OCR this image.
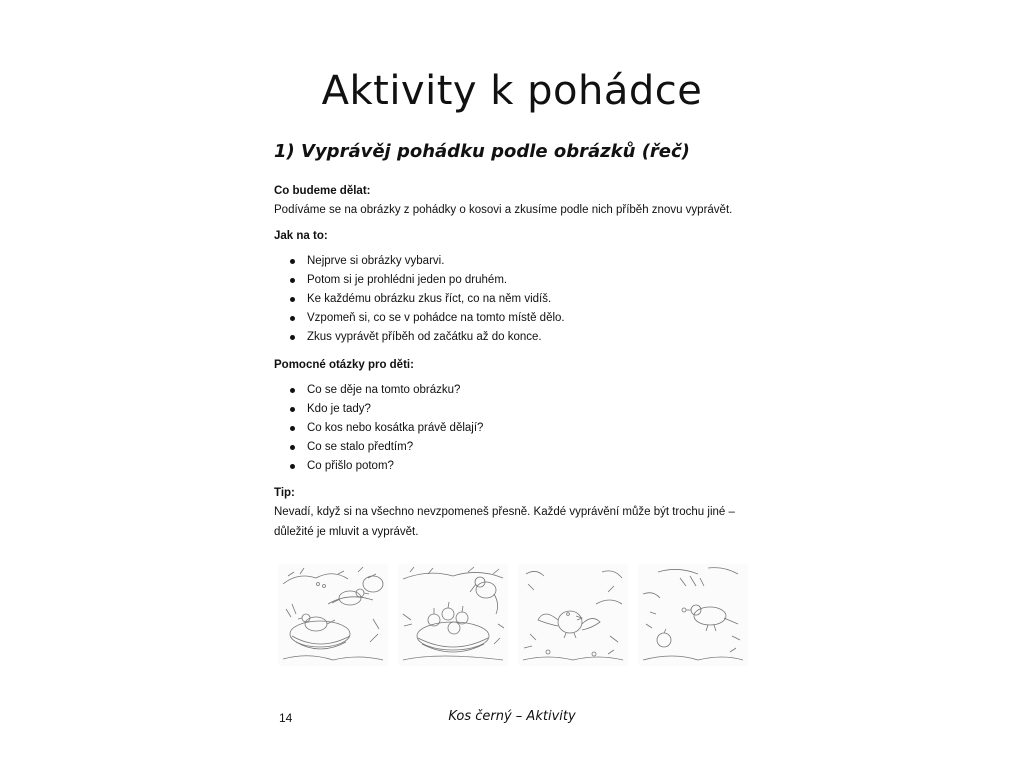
Aktivity k pohádce
1) Vyprávěj pohádku podle obrázků (řeč)
Co budeme dělat:
Podíváme se na obrázky z pohádky o kosovi a zkusíme podle nich příběh znovu vyprávět.
Jak na to:
Nejprve si obrázky vybarvi.
Potom si je prohlédni jeden po druhém.
Ke každému obrázku zkus říct, co na něm vidíš.
Vzpomeň si, co se v pohádce na tomto místě dělo.
Zkus vyprávět příběh od začátku až do konce.
Pomocné otázky pro děti:
Co se děje na tomto obrázku?
Kdo je tady?
Co kos nebo kosátka právě dělají?
Co se stalo předtím?
Co přišlo potom?
Tip:
Nevadí, když si na všechno nevzpomeneš přesně. Každé vyprávění může být trochu jiné –
důležité je mluvit a vyprávět.
14	Kos černý – Aktivity
